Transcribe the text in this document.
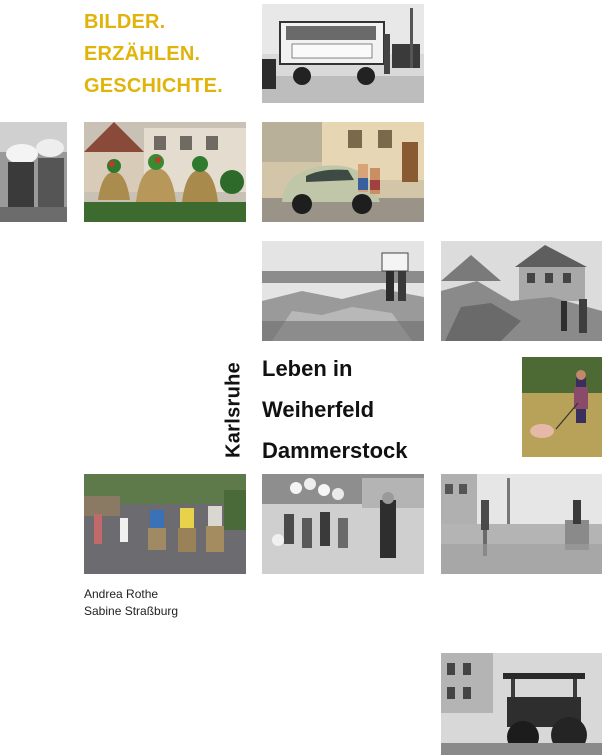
BILDER.
ERZÄHLEN.
GESCHICHTE.
Karlsruhe Leben in
Weiherfeld
Dammerstock
Andrea Rothe
Sabine Straßburg
